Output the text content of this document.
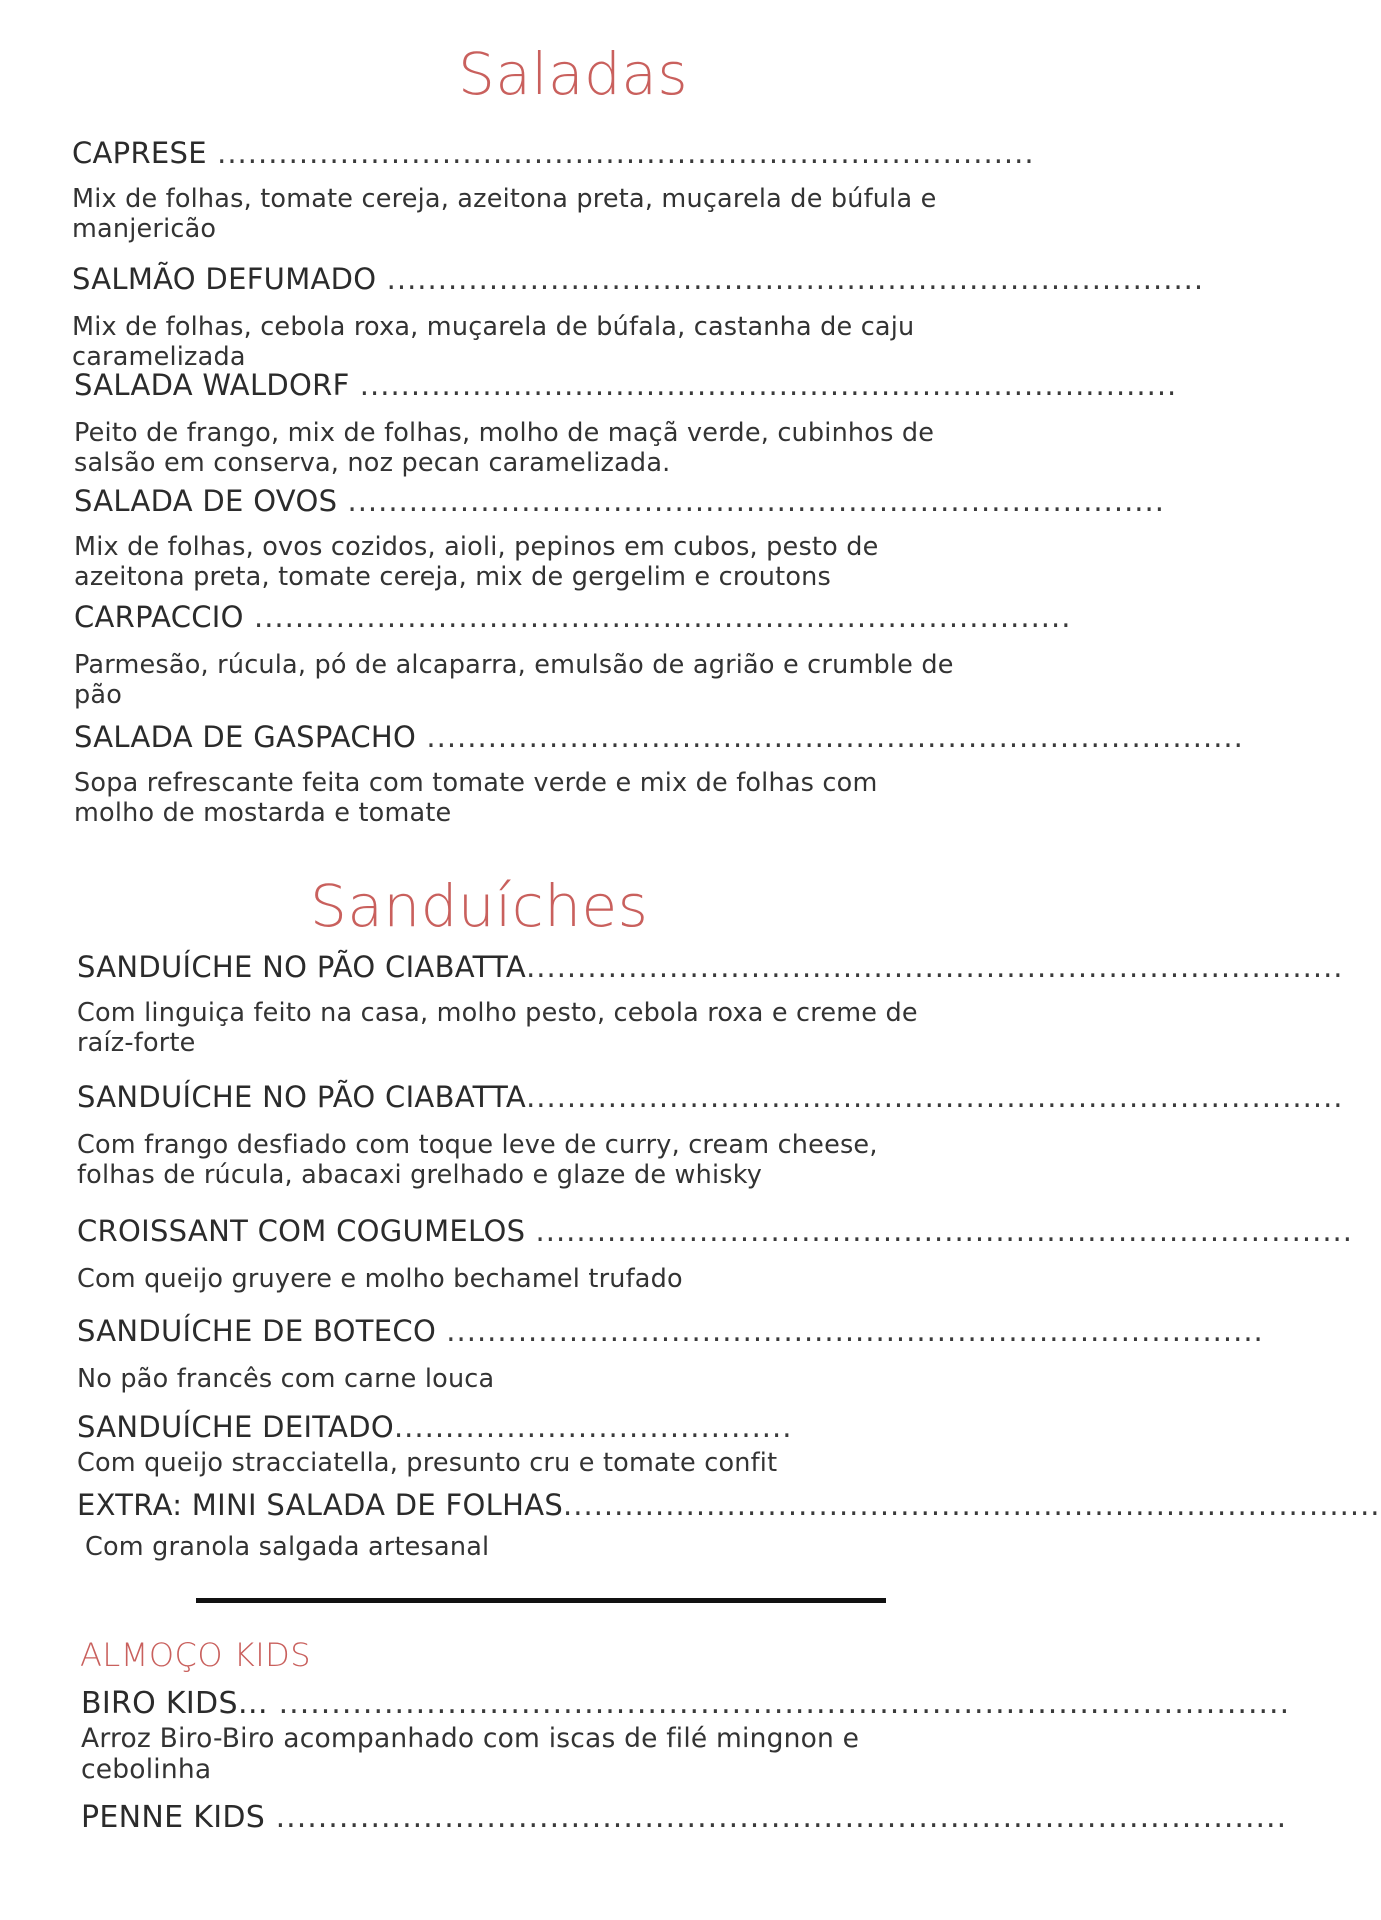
Saladas
CAPRESE ................................................................................
Mix de folhas, tomate cereja, azeitona preta, muçarela de búfula e manjericão
SALMÃO DEFUMADO ................................................................................
Mix de folhas, cebola roxa, muçarela de búfala, castanha de caju caramelizada
SALADA WALDORF ................................................................................
Peito de frango, mix de folhas, molho de maçã verde, cubinhos de salsão em conserva, noz pecan caramelizada.
SALADA DE OVOS ................................................................................
Mix de folhas, ovos cozidos, aioli, pepinos em cubos, pesto de azeitona preta, tomate cereja, mix de gergelim e croutons
CARPACCIO ................................................................................
Parmesão, rúcula, pó de alcaparra, emulsão de agrião e crumble de pão
SALADA DE GASPACHO ................................................................................
Sopa refrescante feita com tomate verde e mix de folhas com molho de mostarda e tomate
Sanduíches
SANDUÍCHE NO PÃO CIABATTA................................................................................
Com linguiça feito na casa, molho pesto, cebola roxa e creme de raíz-forte
SANDUÍCHE NO PÃO CIABATTA................................................................................
Com frango desfiado com toque leve de curry, cream cheese, folhas de rúcula, abacaxi grelhado e glaze de whisky
CROISSANT COM COGUMELOS ................................................................................
Com queijo gruyere e molho bechamel trufado
SANDUÍCHE DE BOTECO ................................................................................
No pão francês com carne louca
SANDUÍCHE DEITADO.......................................
Com queijo stracciatella, presunto cru e tomate confit
EXTRA: MINI SALADA DE FOLHAS................................................................................
Com granola salgada artesanal
ALMOÇO KIDS
BIRO KIDS… ................................................................................................
Arroz Biro-Biro acompanhado com iscas de filé mingnon e cebolinha
PENNE KIDS ................................................................................................
